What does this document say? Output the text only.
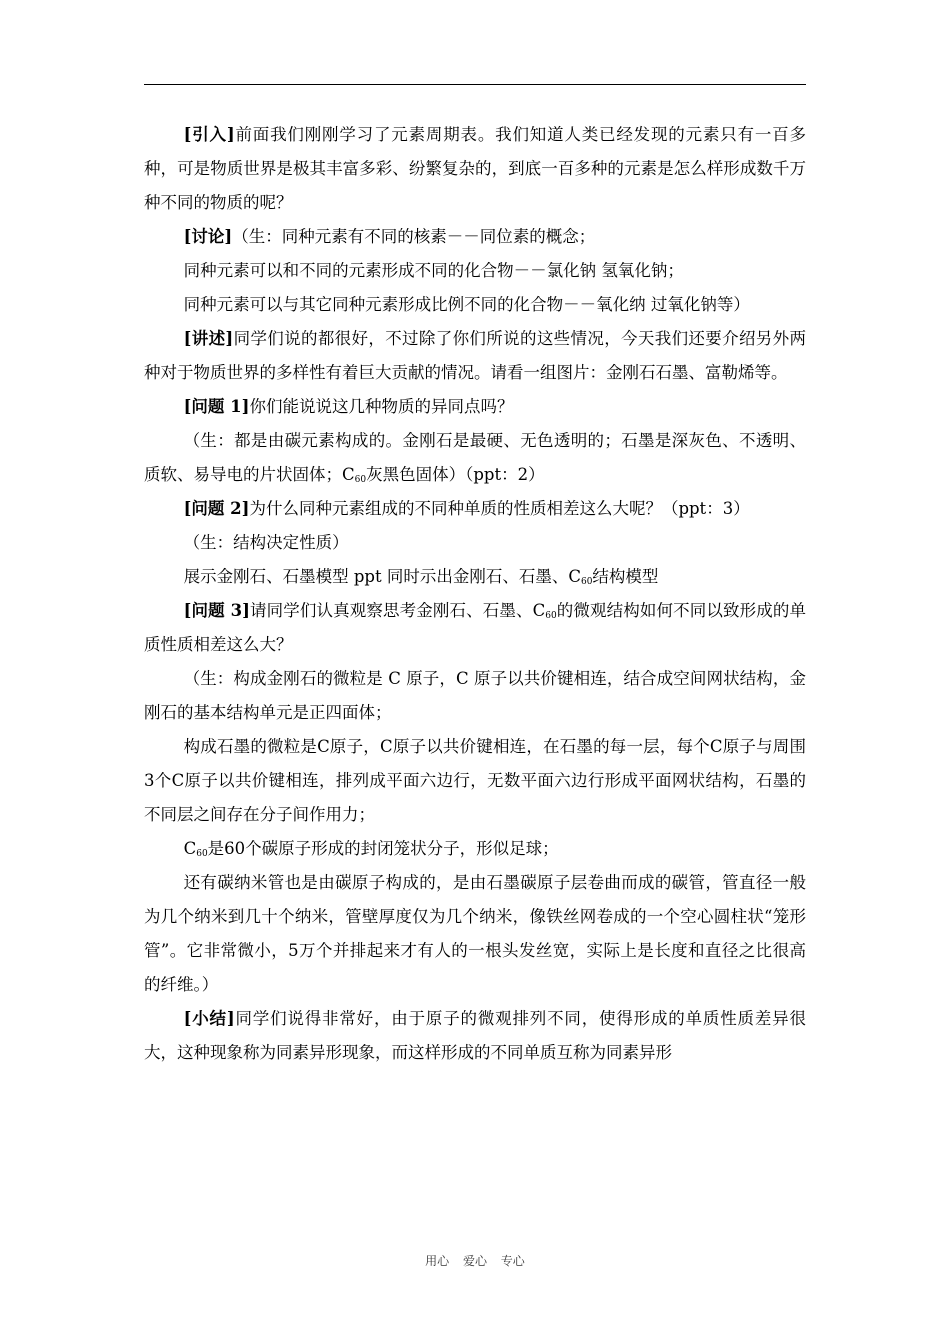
[引入]前面我们刚刚学习了元素周期表。我们知道人类已经发现的元素只有一百多种，可是物质世界是极其丰富多彩、纷繁复杂的，到底一百多种的元素是怎么样形成数千万种不同的物质的呢？

[讨论]（生：同种元素有不同的核素－－同位素的概念；

同种元素可以和不同的元素形成不同的化合物－－氯化钠 氢氧化钠；

同种元素可以与其它同种元素形成比例不同的化合物－－氧化纳 过氧化钠等）

[讲述]同学们说的都很好，不过除了你们所说的这些情况，今天我们还要介绍另外两种对于物质世界的多样性有着巨大贡献的情况。请看一组图片：金刚石石墨、富勒烯等。

[问题 1]你们能说说这几种物质的异同点吗？

（生：都是由碳元素构成的。金刚石是最硬、无色透明的；石墨是深灰色、不透明、质软、易导电的片状固体；$C_{60}$灰黑色固体）（ppt：2）

[问题 2]为什么同种元素组成的不同种单质的性质相差这么大呢？（ppt：3）

（生：结构决定性质）

展示金刚石、石墨模型 ppt 同时示出金刚石、石墨、$C_{60}$结构模型

[问题 3]请同学们认真观察思考金刚石、石墨、$C_{60}$的微观结构如何不同以致形成的单质性质相差这么大？

（生：构成金刚石的微粒是 C 原子，C 原子以共价键相连，结合成空间网状结构，金刚石的基本结构单元是正四面体；

构成石墨的微粒是C原子，C原子以共价键相连，在石墨的每一层，每个C原子与周围3个C原子以共价键相连，排列成平面六边行，无数平面六边行形成平面网状结构，石墨的不同层之间存在分子间作用力；

$C_{60}$是60个碳原子形成的封闭笼状分子，形似足球；

还有碳纳米管也是由碳原子构成的，是由石墨碳原子层卷曲而成的碳管，管直径一般为几个纳米到几十个纳米，管壁厚度仅为几个纳米，像铁丝网卷成的一个空心圆柱状“笼形管”。它非常微小，5万个并排起来才有人的一根头发丝宽，实际上是长度和直径之比很高的纤维。）

[小结]同学们说得非常好，由于原子的微观排列不同，使得形成的单质性质差异很大，这种现象称为同素异形现象，而这样形成的不同单质互称为同素异形

用心 爱心 专心
